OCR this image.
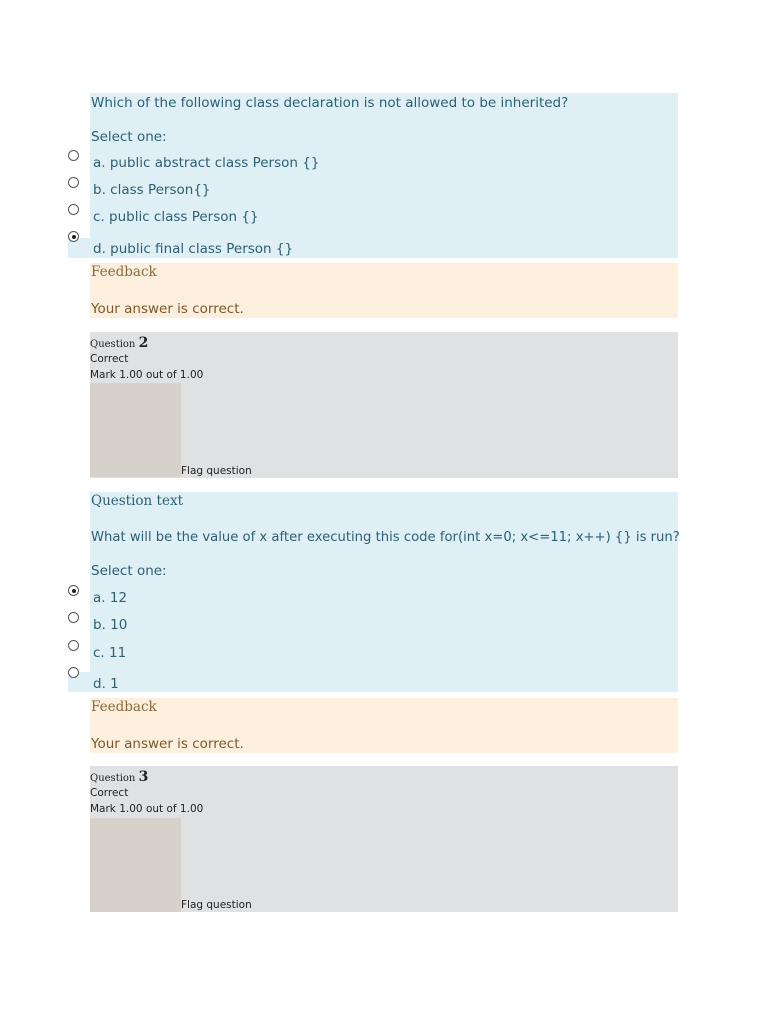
Which of the following class declaration is not allowed to be inherited?
Select one:
a. public abstract class Person {}
b. class Person{}
c. public class Person {}
d. public final class Person {}
Feedback
Your answer is correct.
Question 2
Correct
Mark 1.00 out of 1.00
Flag question
Question text
What will be the value of x after executing this code for(int x=0; x<=11; x++) {} is run?
Select one:
a. 12
b. 10
c. 11
d. 1
Feedback
Your answer is correct.
Question 3
Correct
Mark 1.00 out of 1.00
Flag question
